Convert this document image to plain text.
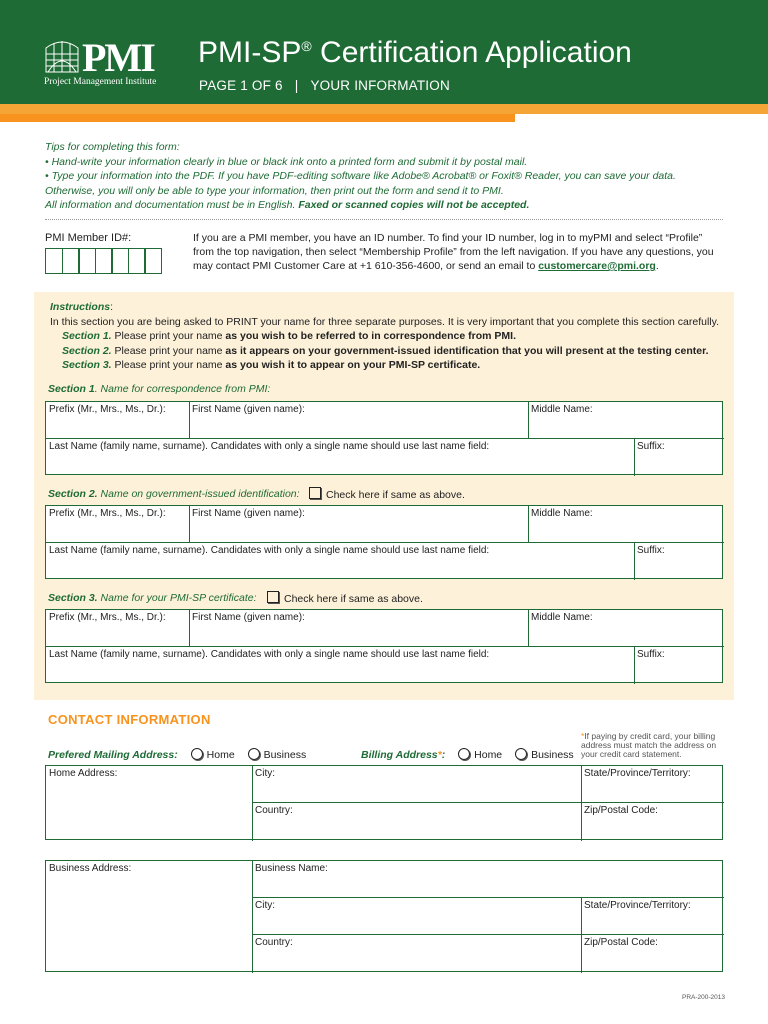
PMI
Project Management Institute
PMI-SP® Certification Application
PAGE 1 OF 6 | YOUR INFORMATION
Tips for completing this form:
• Hand-write your information clearly in blue or black ink onto a printed form and submit it by postal mail.
• Type your information into the PDF. If you have PDF-editing software like Adobe® Acrobat® or Foxit® Reader, you can save your data. Otherwise, you will only be able to type your information, then print out the form and send it to PMI.
All information and documentation must be in English. Faxed or scanned copies will not be accepted.
PMI Member ID#:	If you are a PMI member, you have an ID number. To find your ID number, log in to myPMI and select “Profile” from the top navigation, then select “Membership Profile” from the left navigation. If you have any questions, you may contact PMI Customer Care at +1 610-356-4600, or send an email to customercare@pmi.org.
Instructions:
In this section you are being asked to PRINT your name for three separate purposes. It is very important that you complete this section carefully.
Section 1. Please print your name as you wish to be referred to in correspondence from PMI.
Section 2. Please print your name as it appears on your government-issued identification that you will present at the testing center.
Section 3. Please print your name as you wish it to appear on your PMI-SP certificate.
Section 1. Name for correspondence from PMI:
Prefix (Mr., Mrs., Ms., Dr.):	First Name (given name):	Middle Name:
Last Name (family name, surname). Candidates with only a single name should use last name field:	Suffix:
Section 2. Name on government-issued identification:	Check here if same as above.
Prefix (Mr., Mrs., Ms., Dr.):	First Name (given name):	Middle Name:
Last Name (family name, surname). Candidates with only a single name should use last name field:	Suffix:
Section 3. Name for your PMI-SP certificate:	Check here if same as above.
Prefix (Mr., Mrs., Ms., Dr.):	First Name (given name):	Middle Name:
Last Name (family name, surname). Candidates with only a single name should use last name field:	Suffix:
CONTACT INFORMATION
*If paying by credit card, your billing address must match the address on your credit card statement.
Prefered Mailing Address:	Home	Business	Billing Address*:	Home	Business
Home Address:	City:	State/Province/Territory:
Country:	Zip/Postal Code:
Business Address:	Business Name:
City:	State/Province/Territory:
Country:	Zip/Postal Code:
PRA-200-2013
